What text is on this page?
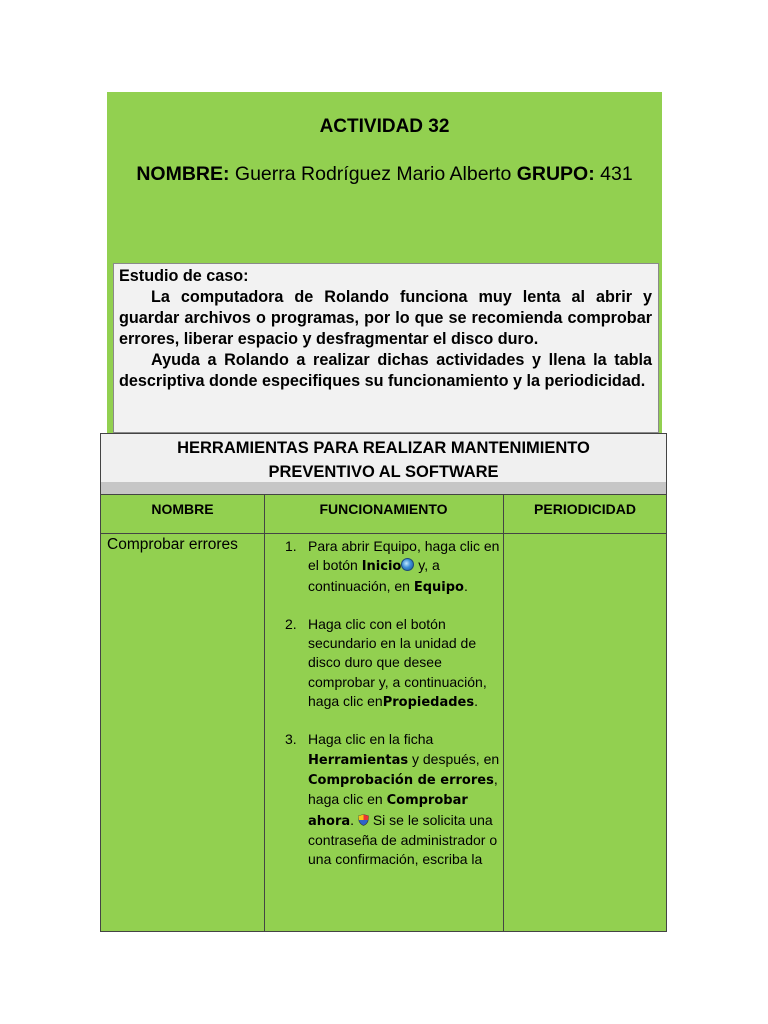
ACTIVIDAD 32
NOMBRE: Guerra Rodríguez Mario Alberto GRUPO: 431

Estudio de caso:

La computadora de Rolando funciona muy lenta al abrir y guardar archivos o programas, por lo que se recomienda comprobar errores, liberar espacio y desfragmentar el disco duro.

Ayuda a Rolando a realizar dichas actividades y llena la tabla descriptiva donde especifiques su funcionamiento y la periodicidad.

HERRAMIENTAS PARA REALIZAR MANTENIMIENTO
PREVENTIVO AL SOFTWARE
NOMBRE	FUNCIONAMIENTO	PERIODICIDAD
Comprobar errores	1. Para abrir Equipo, haga clic en el botón Inicio y, a continuación, en Equipo.
2. Haga clic con el botón secundario en la unidad de disco duro que desee comprobar y, a continuación, haga clic enPropiedades.
3. Haga clic en la ficha Herramientas y después, en Comprobación de errores, haga clic en Comprobar ahora.  Si se le solicita una contraseña de administrador o una confirmación, escriba la
